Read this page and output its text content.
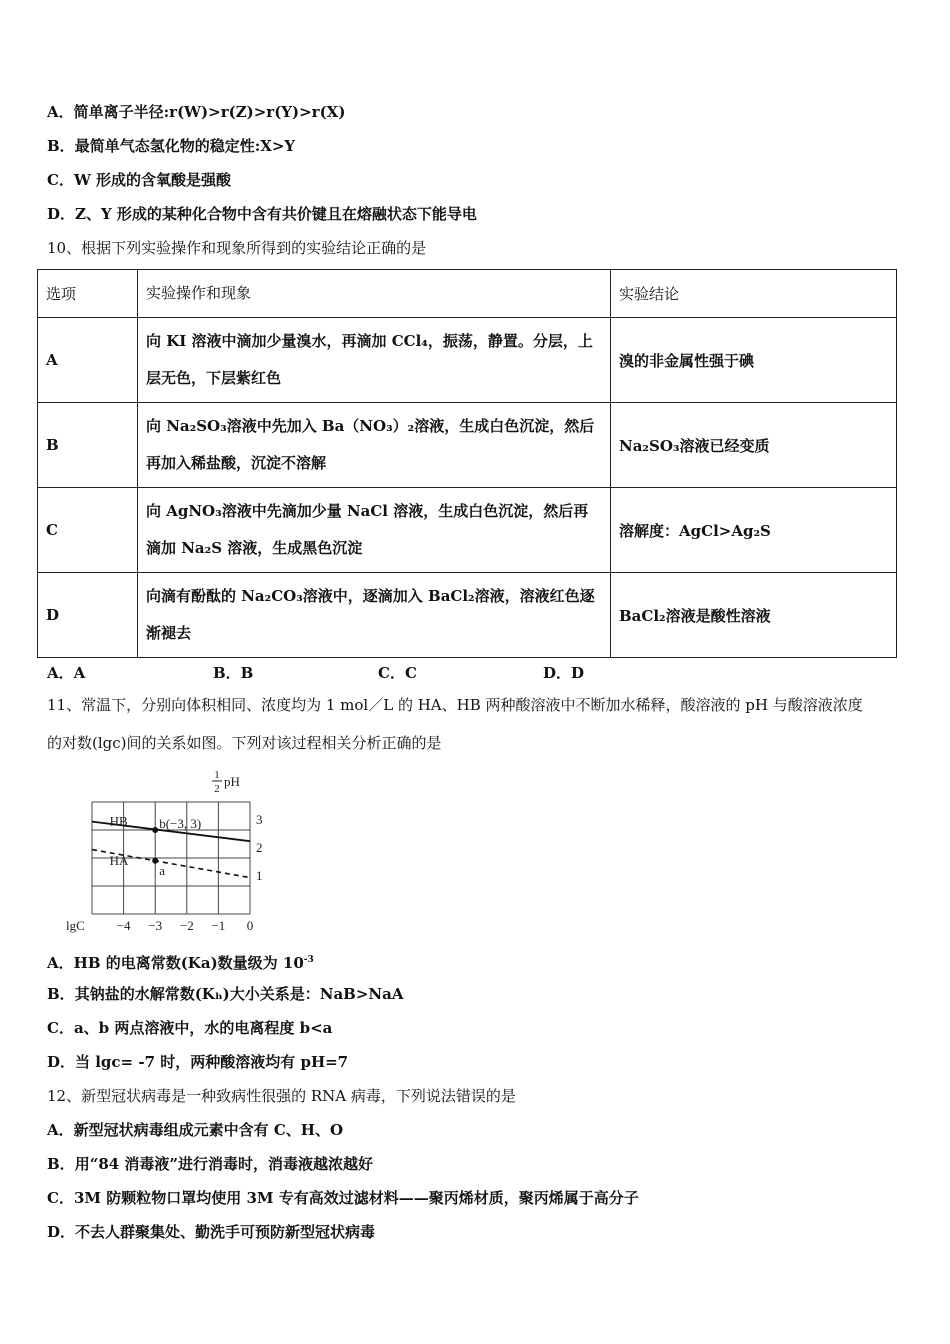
A．简单离子半径:r(W)>r(Z)>r(Y)>r(X)
B．最简单气态氢化物的稳定性:X>Y
C．W 形成的含氧酸是强酸
D．Z、Y 形成的某种化合物中含有共价键且在熔融状态下能导电
10、根据下列实验操作和现象所得到的实验结论正确的是
选项	实验操作和现象	实验结论
A	向 KI 溶液中滴加少量溴水，再滴加 CCl₄，振荡，静置。分层，上层无色，下层紫红色	溴的非金属性强于碘
B	向 Na₂SO₃溶液中先加入 Ba（NO₃）₂溶液，生成白色沉淀，然后再加入稀盐酸，沉淀不溶解	Na₂SO₃溶液已经变质
C	向 AgNO₃溶液中先滴加少量 NaCl 溶液，生成白色沉淀，然后再滴加 Na₂S 溶液，生成黑色沉淀	溶解度：AgCl>Ag₂S
D	向滴有酚酞的 Na₂CO₃溶液中，逐滴加入 BaCl₂溶液，溶液红色逐渐褪去	BaCl₂溶液是酸性溶液
A．A	B．B	C．C	D．D
11、常温下，分别向体积相同、浓度均为 1 mol／L 的 HA、HB 两种酸溶液中不断加水稀释，酸溶液的 pH 与酸溶液浓度
的对数(lgc)间的关系如图。下列对该过程相关分析正确的是
HB
HA
b(−3, 3)
a
−4 −3 −2 −1 0
1
2
3
lgC
1
2 pH
A．HB 的电离常数(Ka)数量级为 $10^{-3}$
B．其钠盐的水解常数(Kₕ)大小关系是：NaB>NaA
C．a、b 两点溶液中，水的电离程度 b<a
D．当 lgc= -7 时，两种酸溶液均有 pH=7
12、新型冠状病毒是一种致病性很强的 RNA 病毒，下列说法错误的是
A．新型冠状病毒组成元素中含有 C、H、O
B．用“84 消毒液”进行消毒时，消毒液越浓越好
C．3M 防颗粒物口罩均使用 3M 专有高效过滤材料——聚丙烯材质，聚丙烯属于高分子
D．不去人群聚集处、勤洗手可预防新型冠状病毒
